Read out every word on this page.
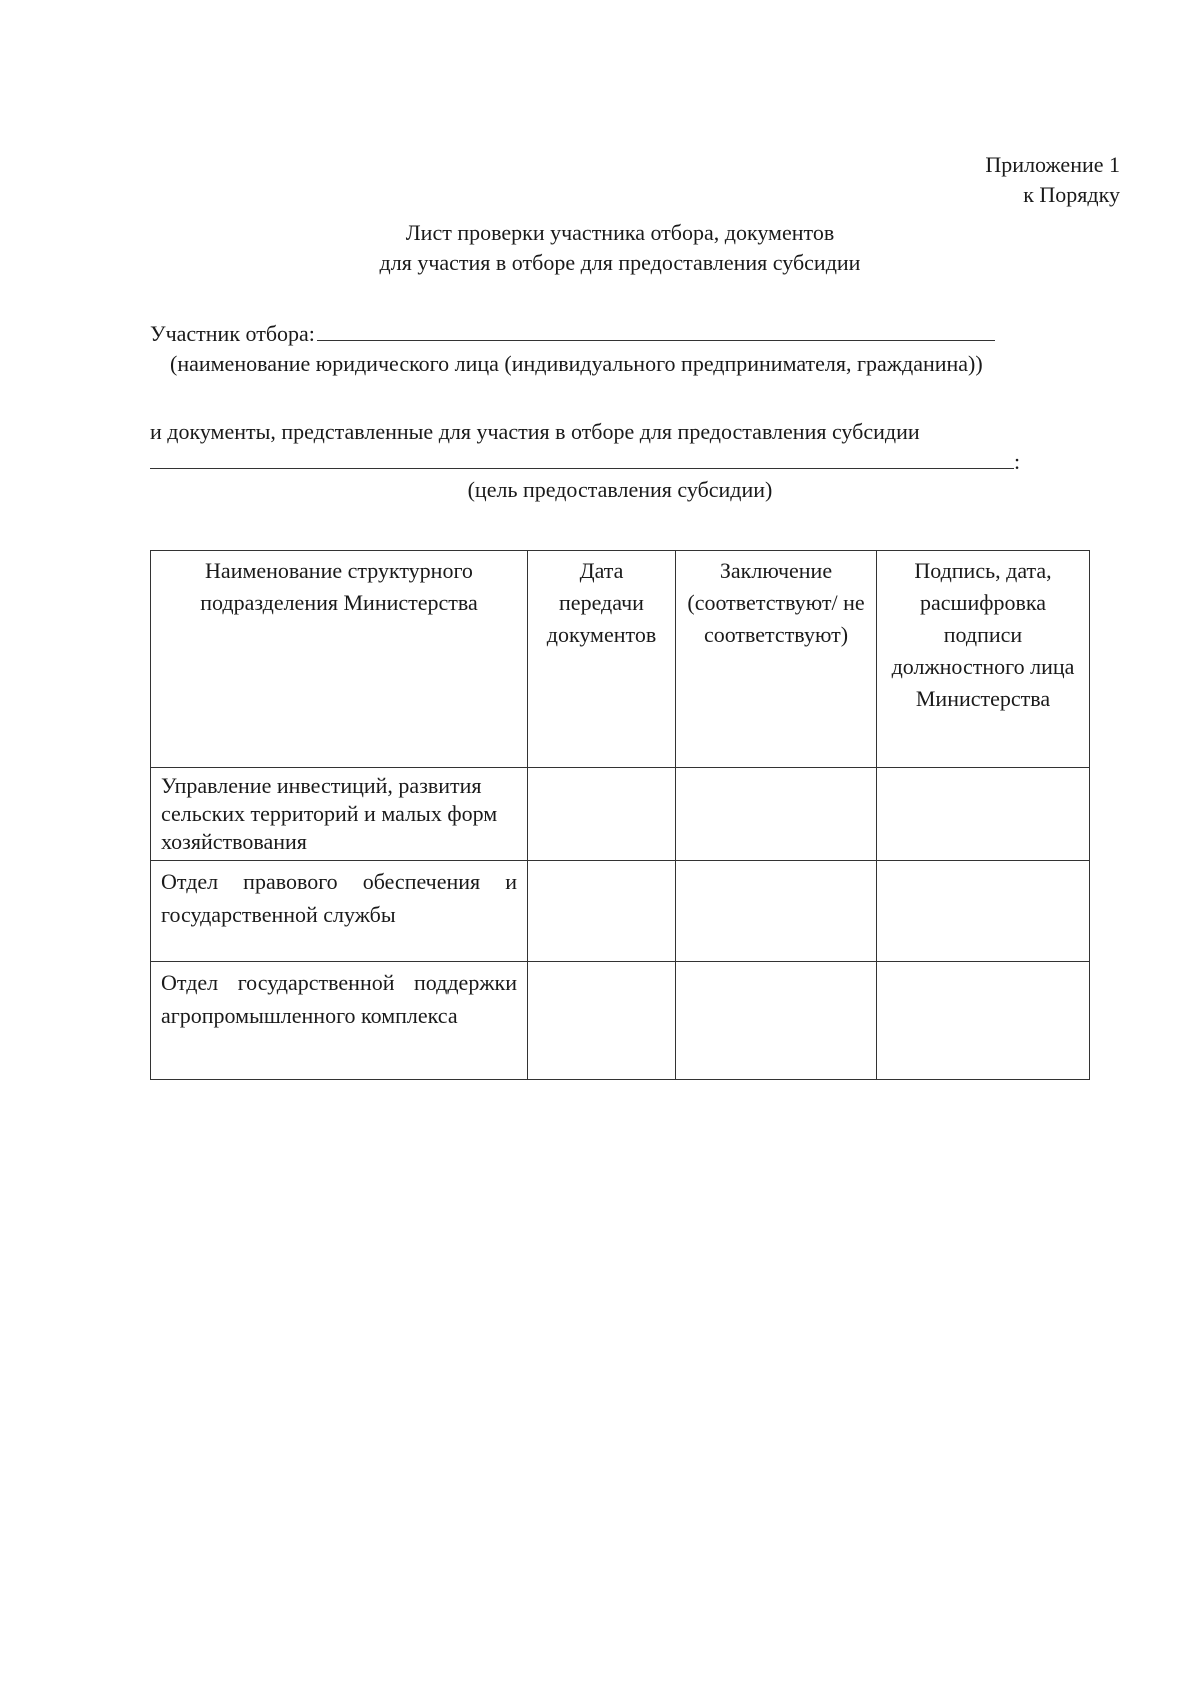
Приложение 1
к Порядку
Лист проверки участника отбора, документов
для участия в отборе для предоставления субсидии
Участник отбора:
(наименование юридического лица (индивидуального предпринимателя, гражданина))
и документы, представленные для участия в отборе для предоставления субсидии
:
(цель предоставления субсидии)
Наименование структурного подразделения Министерства	Дата передачи документов	Заключение (соответствуют/ не соответствуют)	Подпись, дата, расшифровка подписи должностного лица Министерства
Управление инвестиций, развития сельских территорий и малых форм хозяйствования			
Отдел правового обеспечения и государственной службы			
Отдел государственной поддержки агропромышленного комплекса			
